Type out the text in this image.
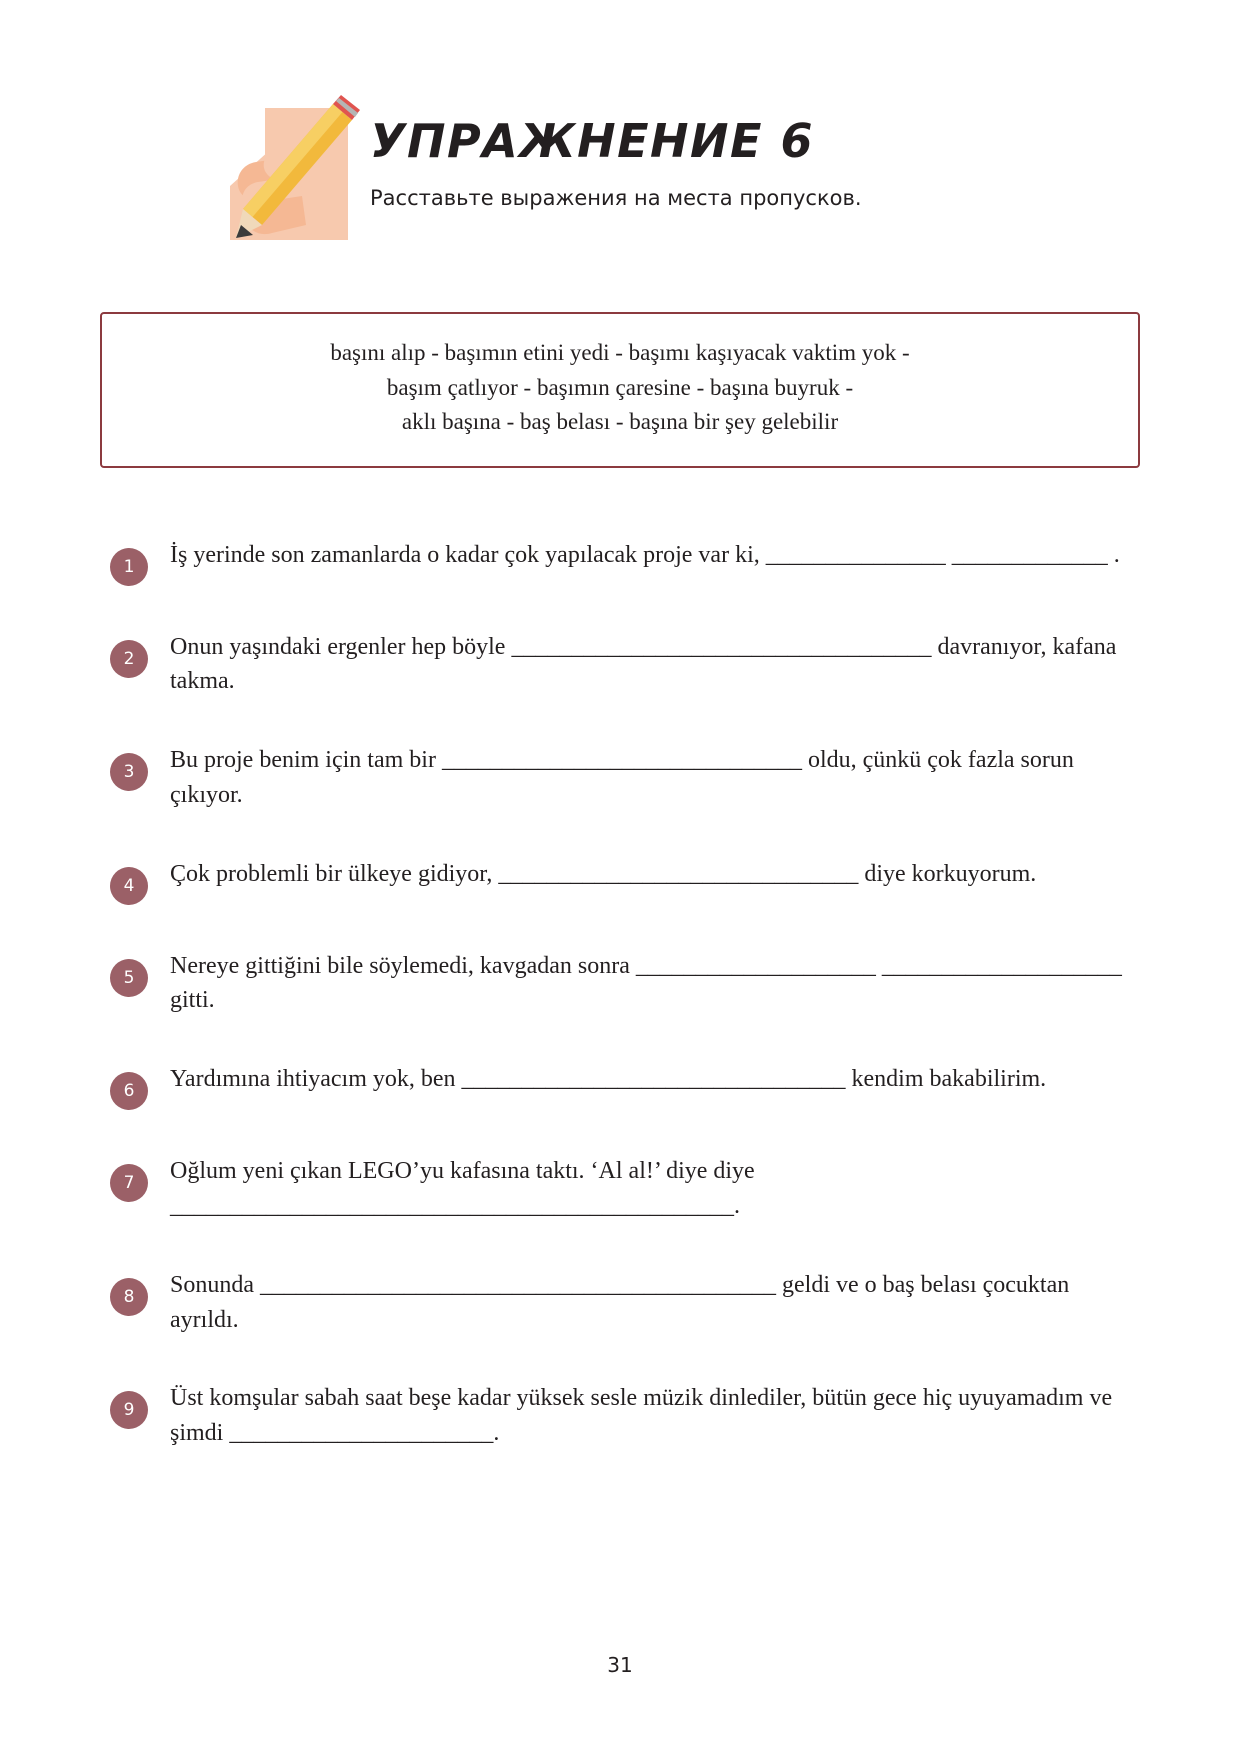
УПРАЖНЕНИЕ 6

Расставьте выражения на места пропусков.

başını alıp - başımın etini yedi - başımı kaşıyacak vaktim yok -
başım çatlıyor - başımın çaresine - başına buyruk -
aklı başına - baş belası - başına bir şey gelebilir
1	İş yerinde son zamanlarda o kadar çok yapılacak proje var ki, _______________ _____________ .
2	Onun yaşındaki ergenler hep böyle ___________________________________ davranıyor, kafana takma.
3	Bu proje benim için tam bir ______________________________ oldu, çünkü çok fazla sorun çıkıyor.
4	Çok problemli bir ülkeye gidiyor, ______________________________ diye korkuyorum.
5	Nereye gittiğini bile söylemedi, kavgadan sonra ____________________ ____________________ gitti.
6	Yardımına ihtiyacım yok, ben ________________________________ kendim bakabilirim.
7	Oğlum yeni çıkan LEGO’yu kafasına taktı. ‘Al al!’ diye diye _______________________________________________.
8	Sonunda ___________________________________________ geldi ve o baş belası çocuktan ayrıldı.
9	Üst komşular sabah saat beşe kadar yüksek sesle müzik dinlediler, bütün gece hiç uyuyamadım ve şimdi ______________________.
31
